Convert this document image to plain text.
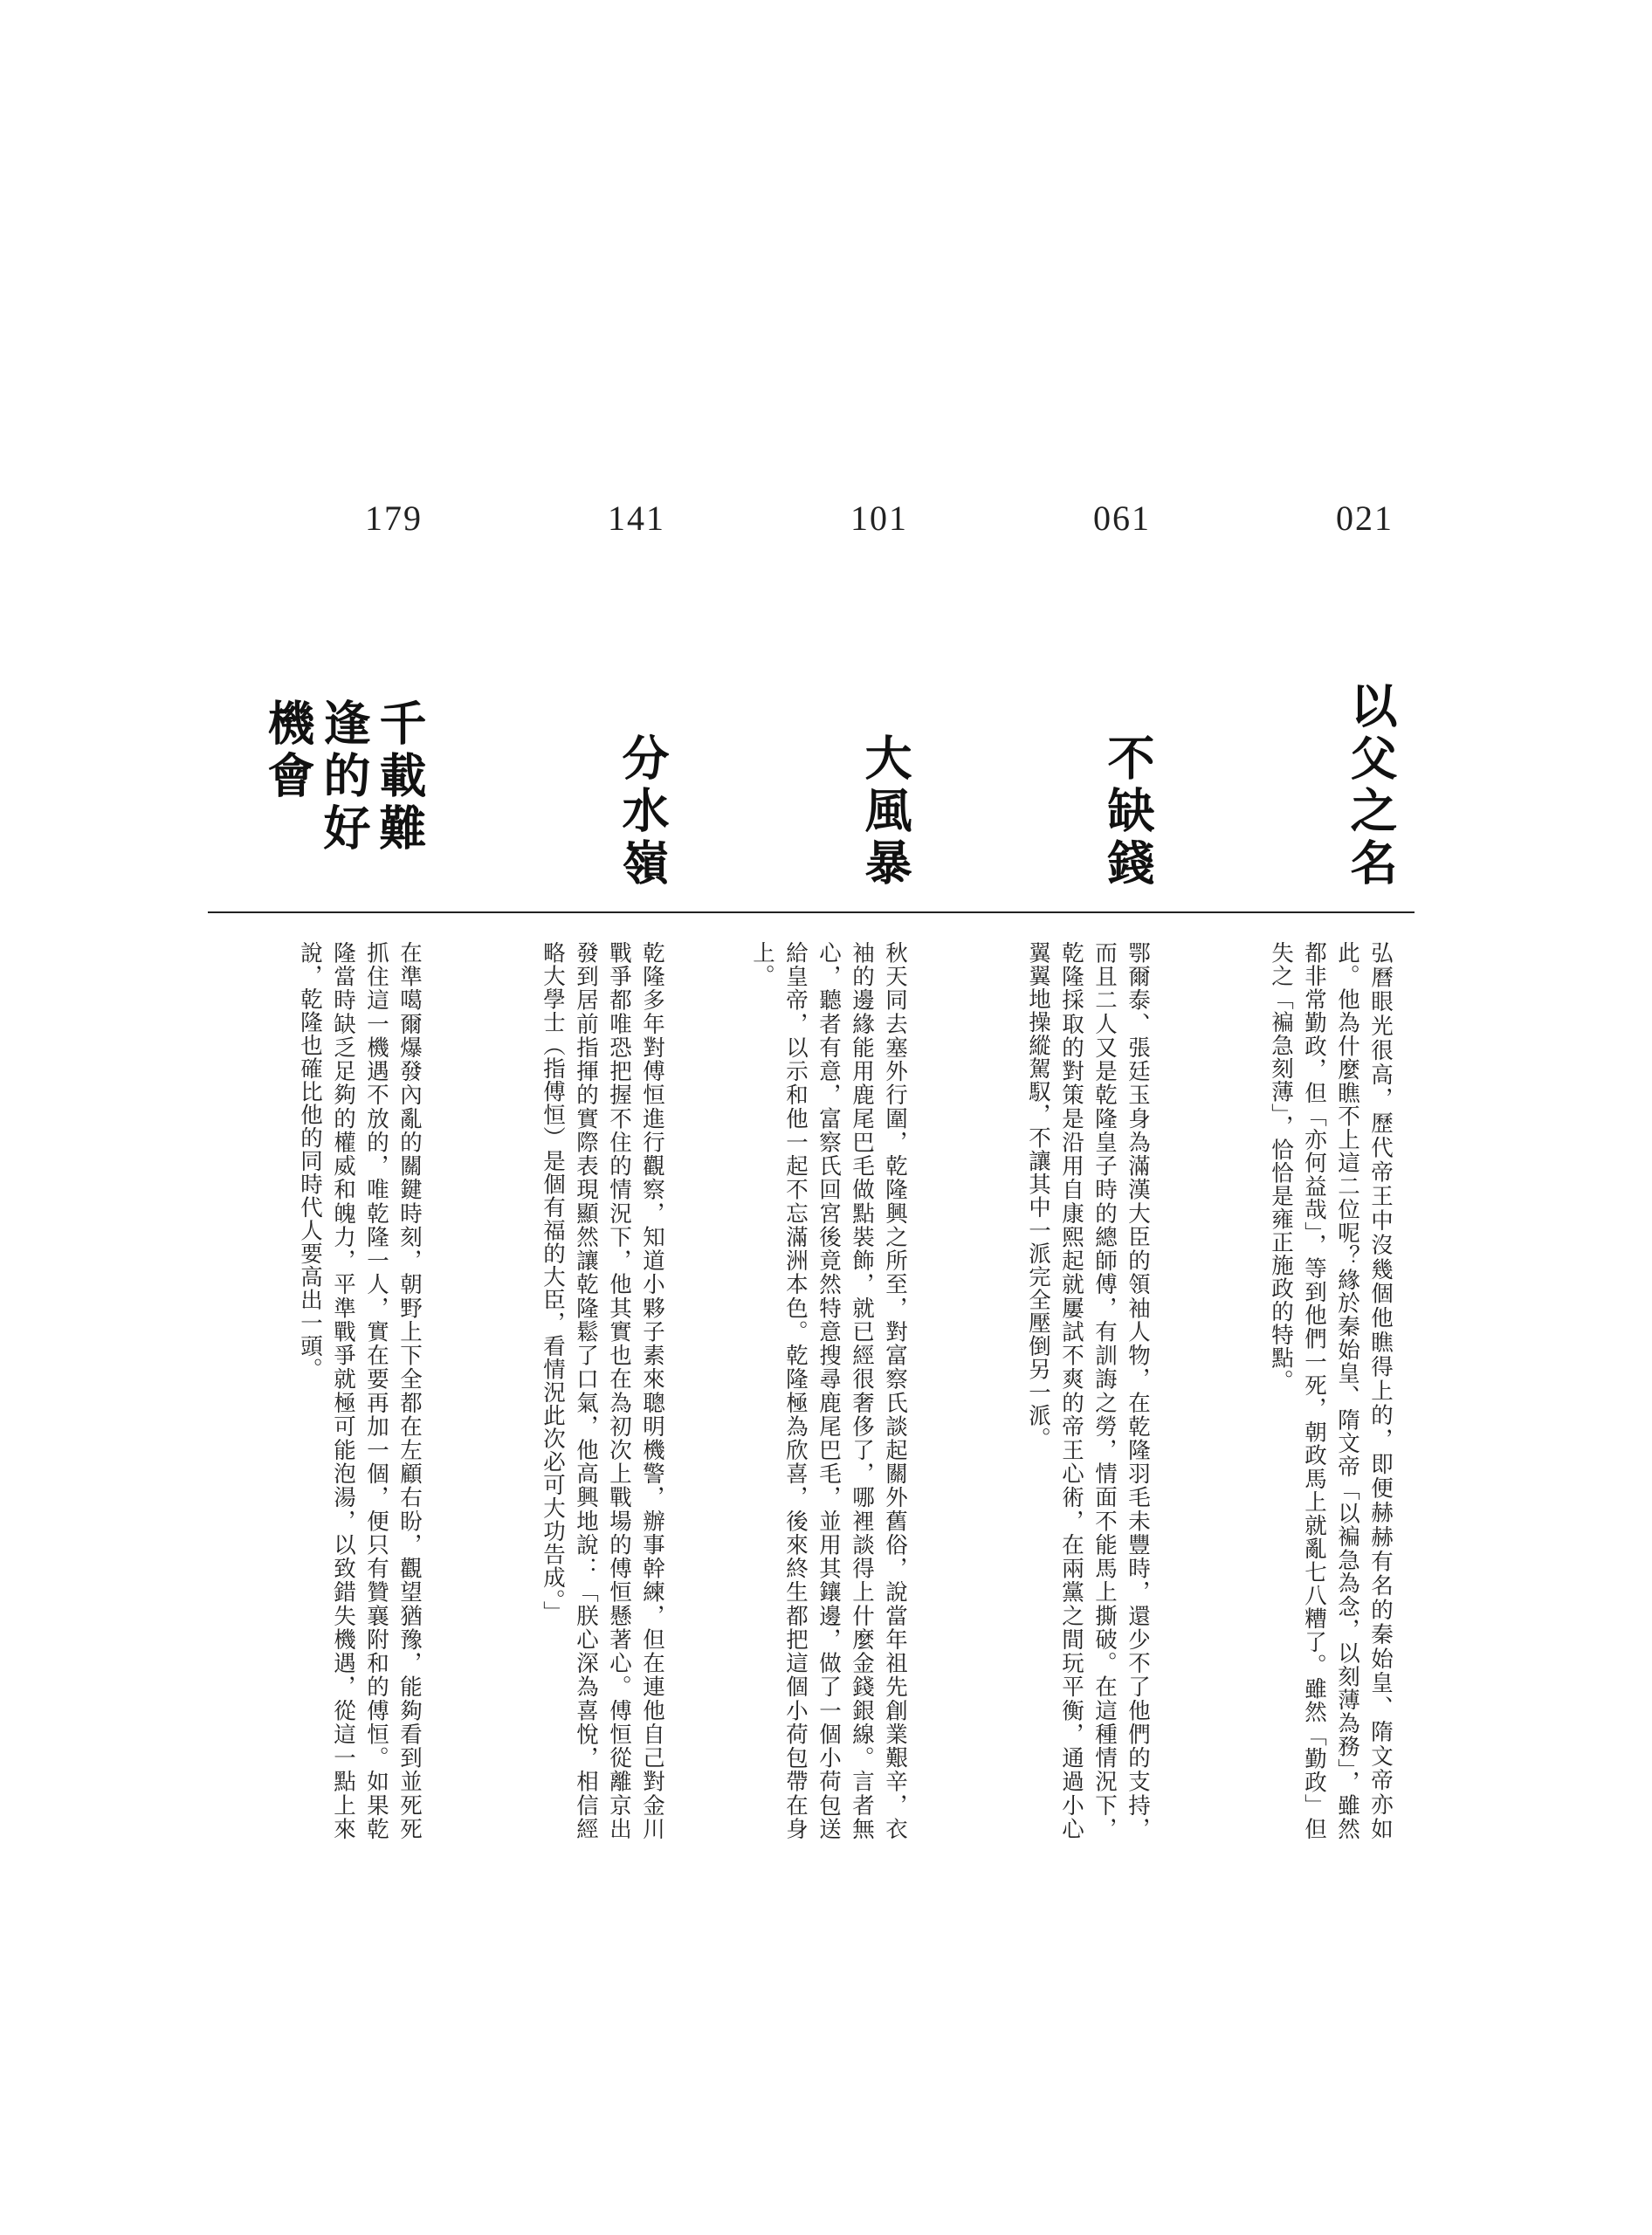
021
以父之名

弘曆眼光很高，歷代帝王中沒幾個他瞧得上的，即便赫赫有名的秦始皇、隋文帝亦如此。他為什麼瞧不上這二位呢？緣於秦始皇、隋文帝「以褊急為念，以刻薄為務」，雖然都非常勤政，但「亦何益哉」，等到他們一死，朝政馬上就亂七八糟了。雖然「勤政」但失之「褊急刻薄」，恰恰是雍正施政的特點。

061
不缺錢

鄂爾泰、張廷玉身為滿漢大臣的領袖人物，在乾隆羽毛未豐時，還少不了他們的支持，而且二人又是乾隆皇子時的總師傅，有訓誨之勞，情面不能馬上撕破。在這種情況下，乾隆採取的對策是沿用自康熙起就屢試不爽的帝王心術，在兩黨之間玩平衡，通過小心翼翼地操縱駕馭，不讓其中一派完全壓倒另一派。

101
大風暴

秋天同去塞外行圍，乾隆興之所至，對富察氏談起關外舊俗，說當年祖先創業艱辛，衣袖的邊緣能用鹿尾巴毛做點裝飾，就已經很奢侈了，哪裡談得上什麼金錢銀線。言者無心，聽者有意，富察氏回宮後竟然特意搜尋鹿尾巴毛，並用其鑲邊，做了一個小荷包送給皇帝，以示和他一起不忘滿洲本色。乾隆極為欣喜，後來終生都把這個小荷包帶在身上。

141
分水嶺

乾隆多年對傅恒進行觀察，知道小夥子素來聰明機警，辦事幹練，但在連他自己對金川戰爭都唯恐把握不住的情況下，他其實也在為初次上戰場的傅恒懸著心。傅恒從離京出發到居前指揮的實際表現顯然讓乾隆鬆了口氣，他高興地說：「朕心深為喜悅，相信經略大學士（指傅恒）是個有福的大臣，看情況此次必可大功告成。」

179
千載難逢的好機會

在準噶爾爆發內亂的關鍵時刻，朝野上下全都在左顧右盼，觀望猶豫，能夠看到並死死抓住這一機遇不放的，唯乾隆一人，實在要再加一個，便只有贊襄附和的傅恒。如果乾隆當時缺乏足夠的權威和魄力，平準戰爭就極可能泡湯，以致錯失機遇，從這一點上來說，乾隆也確比他的同時代人要高出一頭。
